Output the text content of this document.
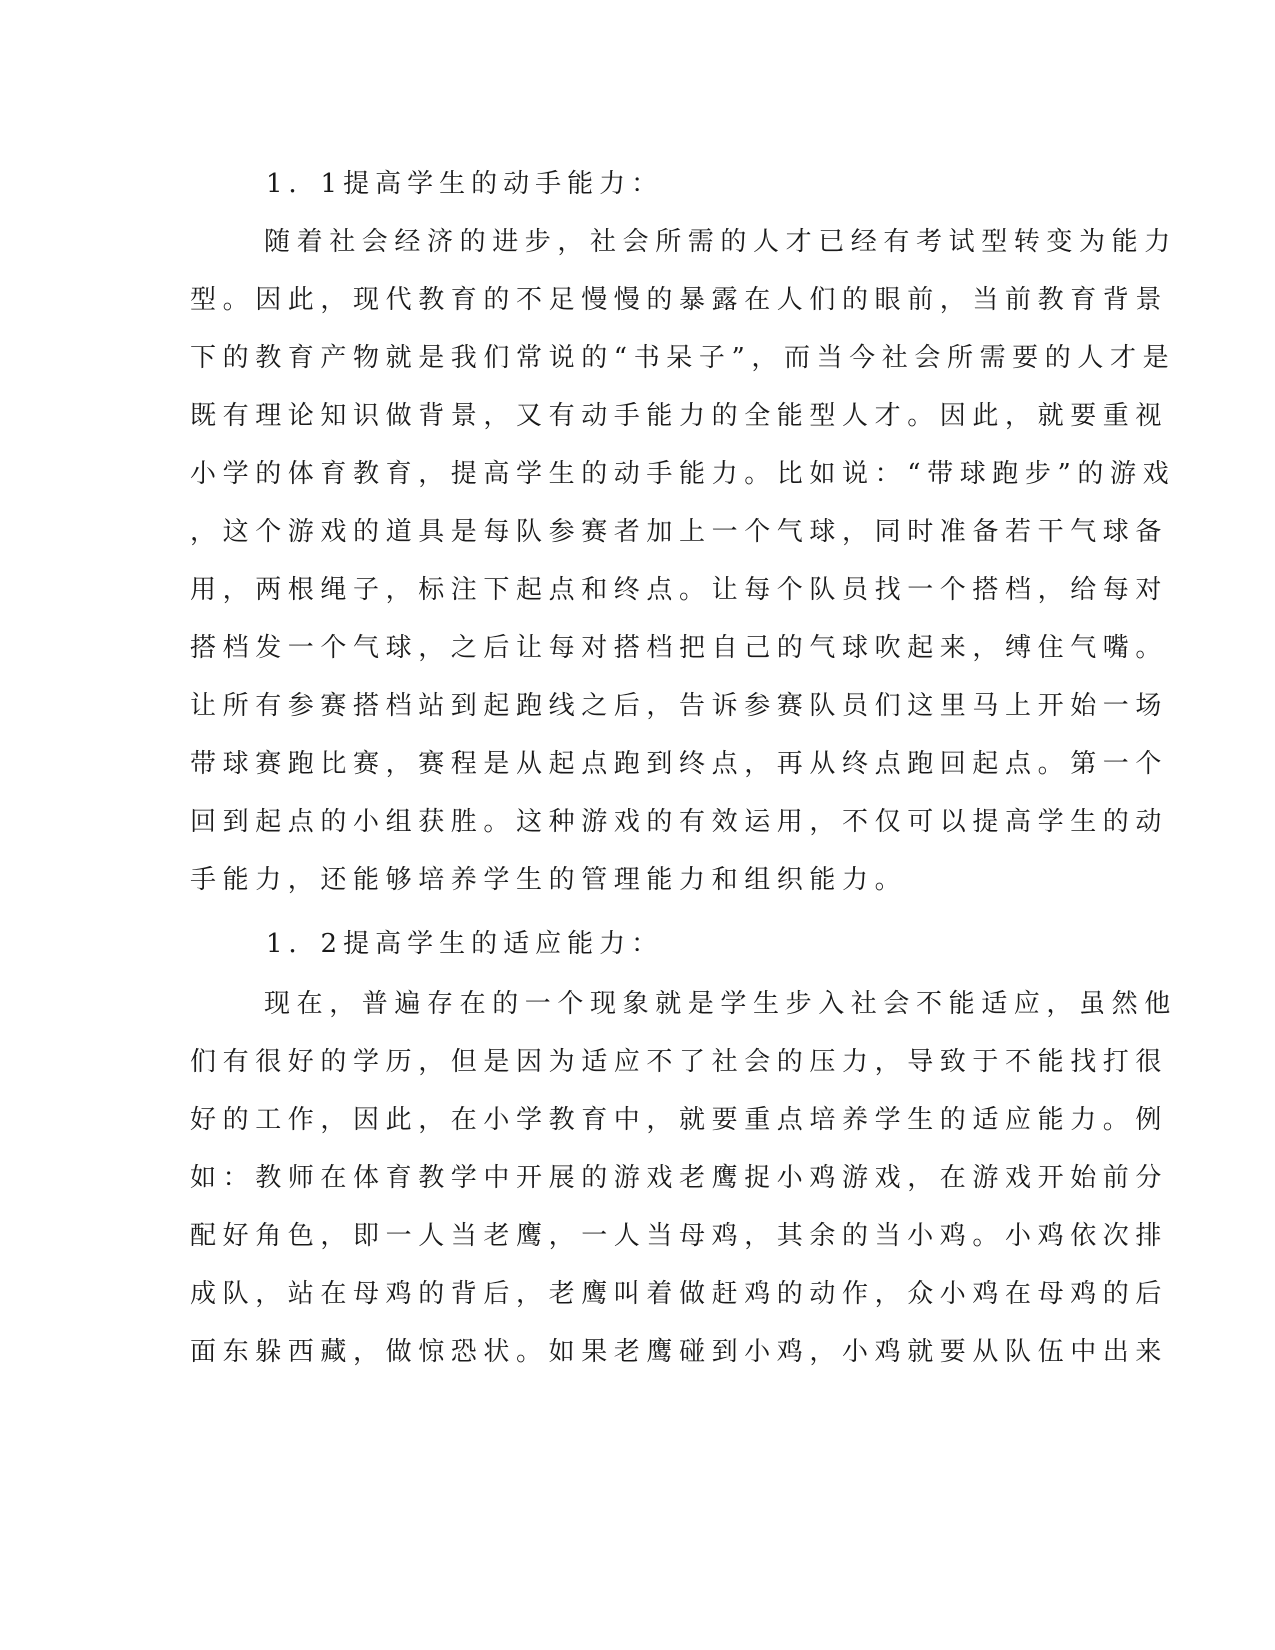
1．1提高学生的动手能力：
随着社会经济的进步，社会所需的人才已经有考试型转变为能力
型。因此，现代教育的不足慢慢的暴露在人们的眼前，当前教育背景
下的教育产物就是我们常说的“书呆子”，而当今社会所需要的人才是
既有理论知识做背景，又有动手能力的全能型人才。因此，就要重视
小学的体育教育，提高学生的动手能力。比如说：“带球跑步”的游戏
，这个游戏的道具是每队参赛者加上一个气球，同时准备若干气球备
用，两根绳子，标注下起点和终点。让每个队员找一个搭档，给每对
搭档发一个气球，之后让每对搭档把自己的气球吹起来，缚住气嘴。
让所有参赛搭档站到起跑线之后，告诉参赛队员们这里马上开始一场
带球赛跑比赛，赛程是从起点跑到终点，再从终点跑回起点。第一个
回到起点的小组获胜。这种游戏的有效运用，不仅可以提高学生的动
手能力，还能够培养学生的管理能力和组织能力。
1．2提高学生的适应能力：
现在，普遍存在的一个现象就是学生步入社会不能适应，虽然他
们有很好的学历，但是因为适应不了社会的压力，导致于不能找打很
好的工作，因此，在小学教育中，就要重点培养学生的适应能力。例
如：教师在体育教学中开展的游戏老鹰捉小鸡游戏，在游戏开始前分
配好角色，即一人当老鹰，一人当母鸡，其余的当小鸡。小鸡依次排
成队，站在母鸡的背后，老鹰叫着做赶鸡的动作，众小鸡在母鸡的后
面东躲西藏，做惊恐状。如果老鹰碰到小鸡，小鸡就要从队伍中出来
